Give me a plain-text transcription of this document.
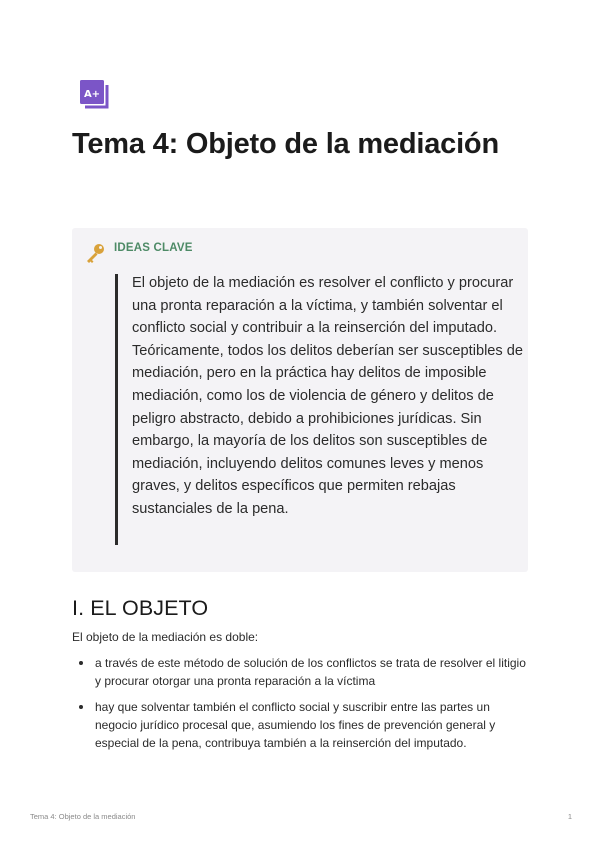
A+
Tema 4: Objeto de la mediación
IDEAS CLAVE

El objeto de la mediación es resolver el conflicto y procurar una pronta reparación a la víctima, y también solventar el conflicto social y contribuir a la reinserción del imputado. Teóricamente, todos los delitos deberían ser susceptibles de mediación, pero en la práctica hay delitos de imposible mediación, como los de violencia de género y delitos de peligro abstracto, debido a prohibiciones jurídicas. Sin embargo, la mayoría de los delitos son susceptibles de mediación, incluyendo delitos comunes leves y menos graves, y delitos específicos que permiten rebajas sustanciales de la pena.

I. EL OBJETO

El objeto de la mediación es doble:

a través de este método de solución de los conflictos se trata de resolver el litigio y procurar otorgar una pronta reparación a la víctima
hay que solventar también el conflicto social y suscribir entre las partes un negocio jurídico procesal que, asumiendo los fines de prevención general y especial de la pena, contribuya también a la reinserción del imputado.
Tema 4: Objeto de la mediación	1
